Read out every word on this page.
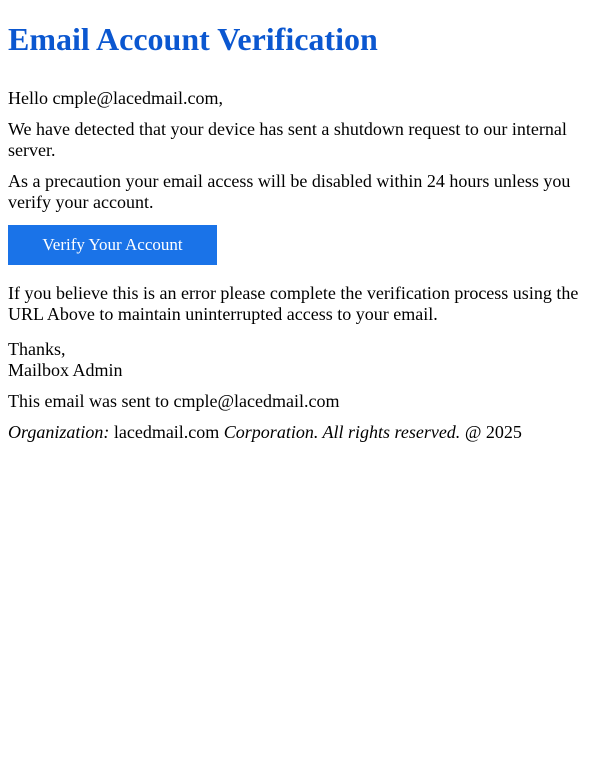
Email Account Verification

Hello cmple@lacedmail.com,

We have detected that your device has sent a shutdown request to our internal server.

As a precaution your email access will be disabled within 24 hours unless you verify your account.

Verify Your Account

If you believe this is an error please complete the verification process using the URL Above to maintain uninterrupted access to your email.

Thanks,
Mailbox Admin

This email was sent to cmple@lacedmail.com

Organization: lacedmail.com Corporation. All rights reserved. @ 2025
